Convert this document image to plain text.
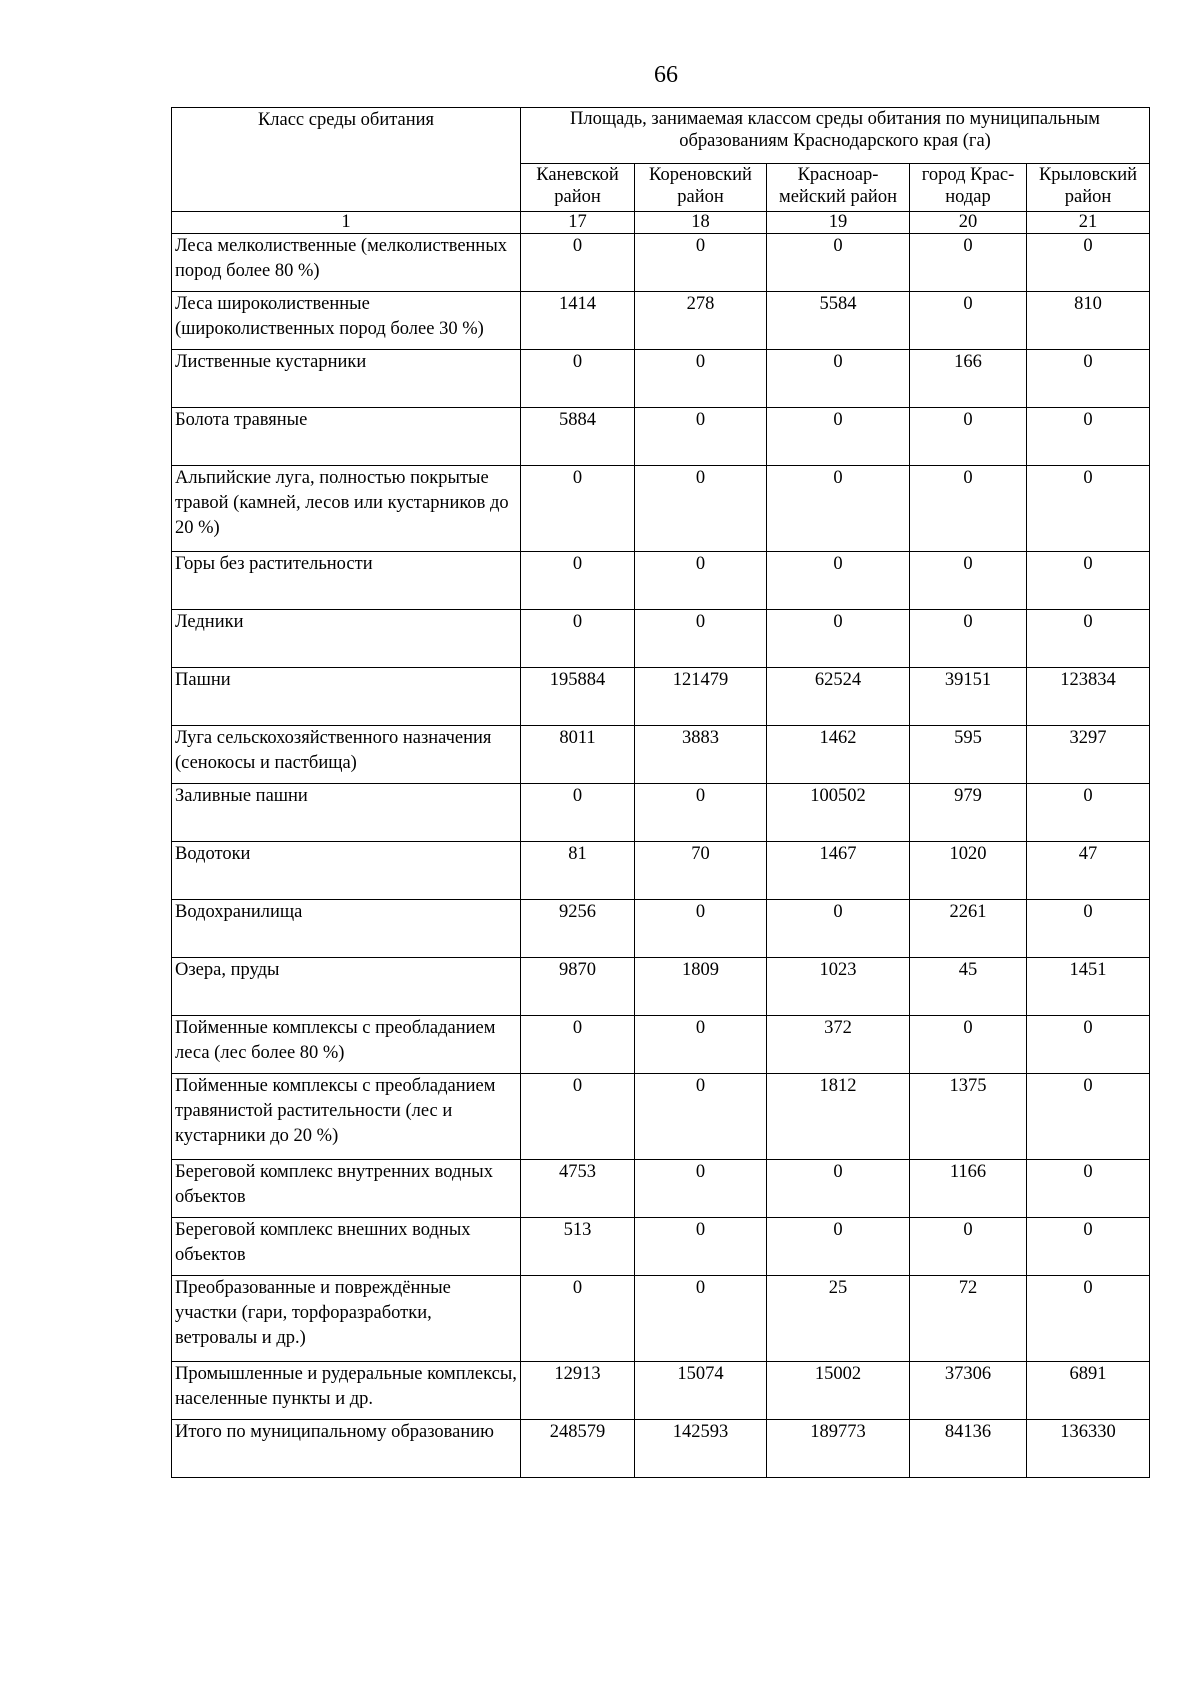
66
Класс среды обитания	Площадь, занимаемая классом среды обитания по муниципальным образованиям Краснодарского края (га)				
	Каневской район	Кореновский район	Красноар-мейский район	город Крас-нодар	Крыловский район
1	17	18	19	20	21
Леса мелколиственные (мелколиственных пород более 80 %)	0	0	0	0	0
Леса широколиственные (широколиственных пород более 30 %)	1414	278	5584	0	810
Лиственные кустарники	0	0	0	166	0
Болота травяные	5884	0	0	0	0
Альпийские луга, полностью покрытые травой (камней, лесов или кустарников до 20 %)	0	0	0	0	0
Горы без растительности	0	0	0	0	0
Ледники	0	0	0	0	0
Пашни	195884	121479	62524	39151	123834
Луга сельскохозяйственного назначения (сенокосы и пастбища)	8011	3883	1462	595	3297
Заливные пашни	0	0	100502	979	0
Водотоки	81	70	1467	1020	47
Водохранилища	9256	0	0	2261	0
Озера, пруды	9870	1809	1023	45	1451
Пойменные комплексы с преобладанием леса (лес более 80 %)	0	0	372	0	0
Пойменные комплексы с преобладанием травянистой растительности (лес и кустарники до 20 %)	0	0	1812	1375	0
Береговой комплекс внутренних водных объектов	4753	0	0	1166	0
Береговой комплекс внешних водных объектов	513	0	0	0	0
Преобразованные и повреждённые участки (гари, торфоразработки, ветровалы и др.)	0	0	25	72	0
Промышленные и рудеральные комплексы, населенные пункты и др.	12913	15074	15002	37306	6891
Итого по муниципальному образованию	248579	142593	189773	84136	136330
